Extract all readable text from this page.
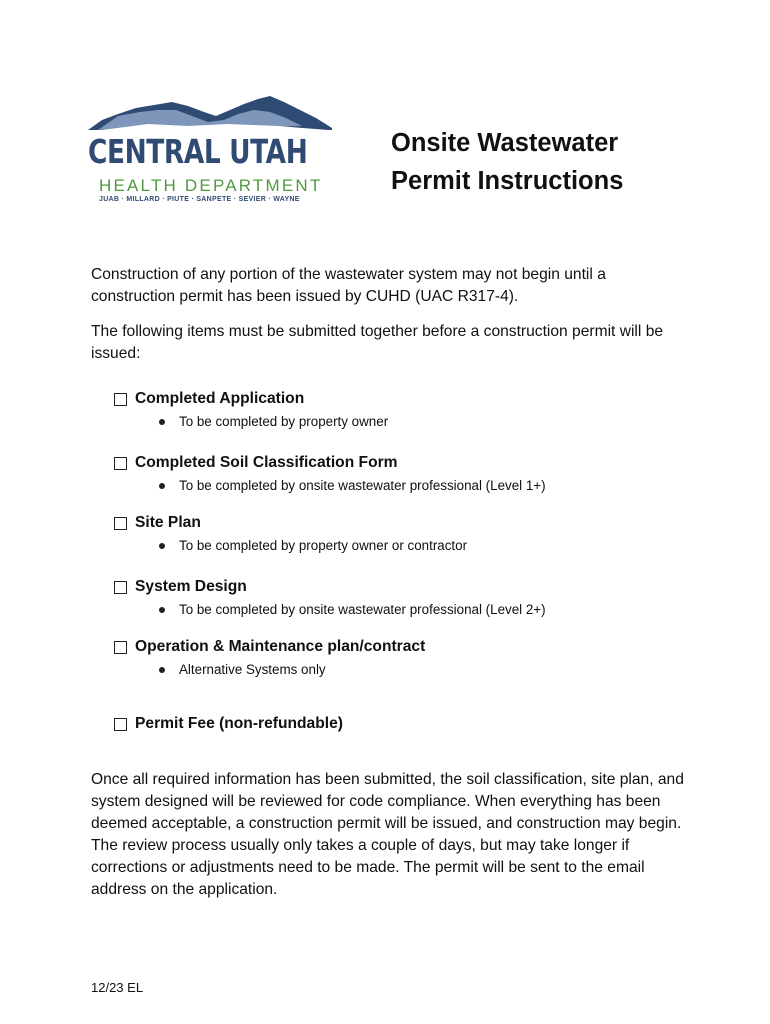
CENTRAL UTAH
HEALTH DEPARTMENT
JUAB · MILLARD · PIUTE · SANPETE · SEVIER · WAYNE
Onsite Wastewater
Permit Instructions
Construction of any portion of the wastewater system may not begin until a construction permit has been issued by CUHD (UAC R317-4).
The following items must be submitted together before a construction permit will be issued:
Completed Application
To be completed by property owner
Completed Soil Classification Form
To be completed by onsite wastewater professional (Level 1+)
Site Plan
To be completed by property owner or contractor
System Design
To be completed by onsite wastewater professional (Level 2+)
Operation & Maintenance plan/contract
Alternative Systems only
Permit Fee (non-refundable)
Once all required information has been submitted, the soil classification, site plan, and system designed will be reviewed for code compliance. When everything has been deemed acceptable, a construction permit will be issued, and construction may begin. The review process usually only takes a couple of days, but may take longer if corrections or adjustments need to be made. The permit will be sent to the email address on the application.
12/23 EL
